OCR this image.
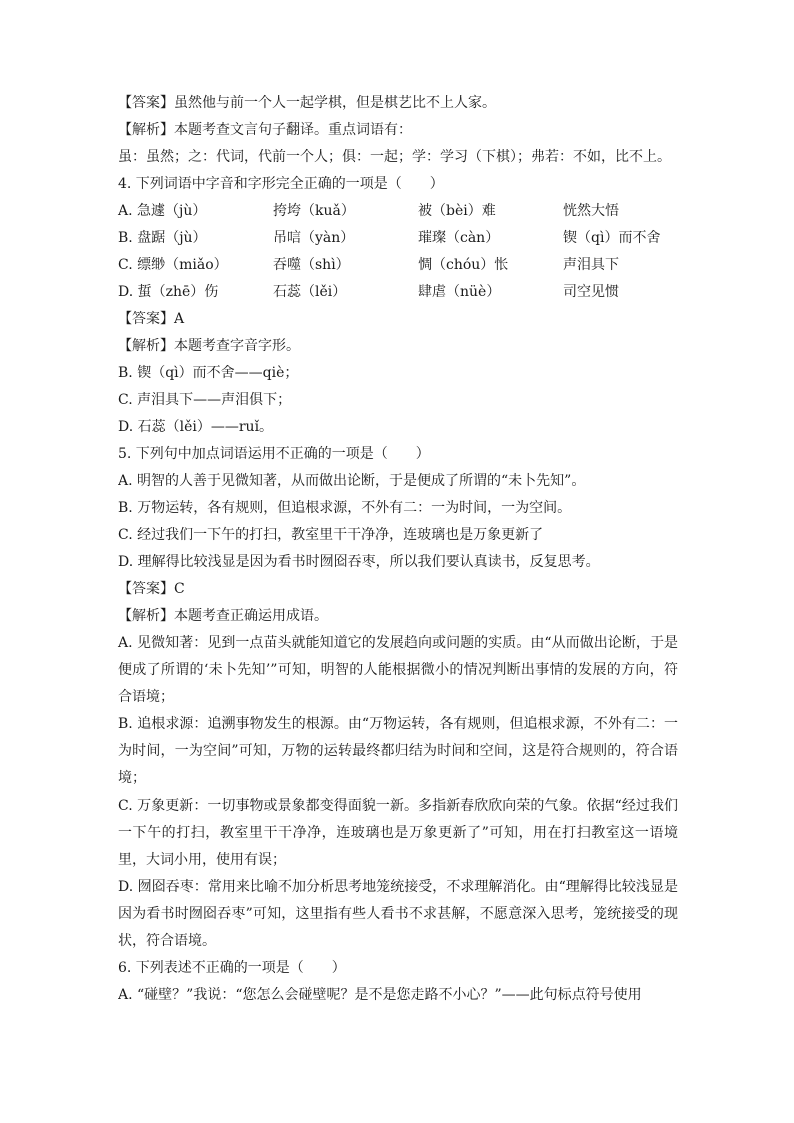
【答案】虽然他与前一个人一起学棋，但是棋艺比不上人家。
【解析】本题考查文言句子翻译。重点词语有：
虽：虽然；之：代词，代前一个人；俱：一起；学：学习（下棋）；弗若：不如，比不上。
4. 下列词语中字音和字形完全正确的一项是（　　）
A. 急遽（jù）	挎垮（kuǎ）	被（bèi）难	恍然大悟
B. 盘踞（jù）	吊唁（yàn）	璀璨（càn）	锲（qì）而不舍
C. 缥缈（miǎo）	吞噬（shì）	惆（chóu）怅	声泪具下
D. 蜇（zhē）伤	石蕊（lěi）	肆虐（nüè）	司空见惯
【答案】A
【解析】本题考查字音字形。
B. 锲（qì）而不舍——qiè；
C. 声泪具下——声泪俱下；
D. 石蕊（lěi）——ruǐ。
5. 下列句中加点词语运用不正确的一项是（　　）
A. 明智的人善于见微知著，从而做出论断，于是便成了所谓的“未卜先知”。
B. 万物运转，各有规则，但追根求源，不外有二：一为时间，一为空间。
C. 经过我们一下午的打扫，教室里干干净净，连玻璃也是万象更新了
D. 理解得比较浅显是因为看书时囫囵吞枣，所以我们要认真读书，反复思考。
【答案】C
【解析】本题考查正确运用成语。
A. 见微知著：见到一点苗头就能知道它的发展趋向或问题的实质。由“从而做出论断，于是便成了所谓的‘未卜先知’”可知，明智的人能根据微小的情况判断出事情的发展的方向，符合语境；
B. 追根求源：追溯事物发生的根源。由“万物运转，各有规则，但追根求源，不外有二：一为时间，一为空间”可知，万物的运转最终都归结为时间和空间，这是符合规则的，符合语境；
C. 万象更新：一切事物或景象都变得面貌一新。多指新春欣欣向荣的气象。依据“经过我们一下午的打扫，教室里干干净净，连玻璃也是万象更新了”可知，用在打扫教室这一语境里，大词小用，使用有误；
D. 囫囵吞枣：常用来比喻不加分析思考地笼统接受，不求理解消化。由“理解得比较浅显是因为看书时囫囵吞枣”可知，这里指有些人看书不求甚解，不愿意深入思考，笼统接受的现状，符合语境。
6. 下列表述不正确的一项是（　　）
A. “碰壁？”我说：“您怎么会碰壁呢？是不是您走路不小心？”——此句标点符号使用
